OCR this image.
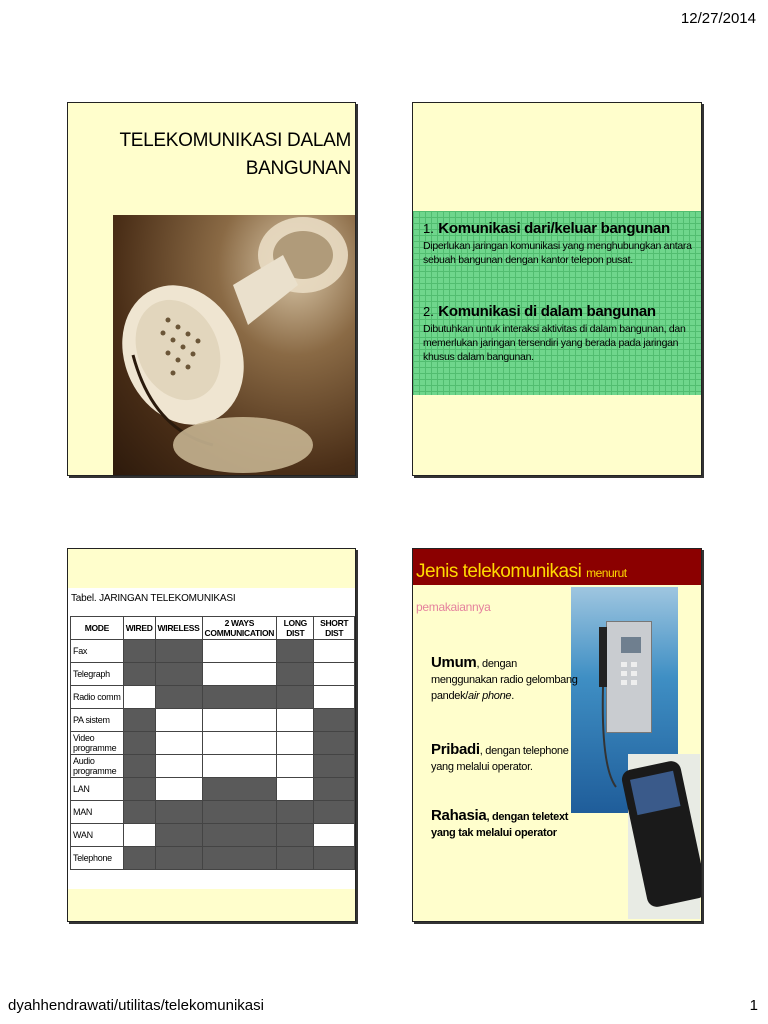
12/27/2014
TELEKOMUNIKASI DALAM
BANGUNAN
1. Komunikasi dari/keluar bangunan
Diperlukan jaringan komunikasi yang menghubungkan antara sebuah bangunan dengan kantor telepon pusat.
2. Komunikasi di dalam bangunan
Dibutuhkan untuk interaksi aktivitas di dalam bangunan, dan memerlukan jaringan tersendiri yang berada pada jaringan khusus dalam bangunan.
Tabel. JARINGAN TELEKOMUNIKASI
MODE	WIRED	WIRELESS	2 WAYS COMMUNICATION	LONG DIST	SHORT DIST
Fax					
Telegraph					
Radio comm					
PA sistem					
Video programme					
Audio programme					
LAN					
MAN					
WAN					
Telephone					
Jenis telekomunikasi menurut
pemakaiannya
Umum, dengan menggunakan radio gelombang pandek/air phone.
Pribadi, dengan telephone yang melalui operator.
Rahasia, dengan teletext yang tak melalui operator
dyahhendrawati/utilitas/telekomunikasi	1
